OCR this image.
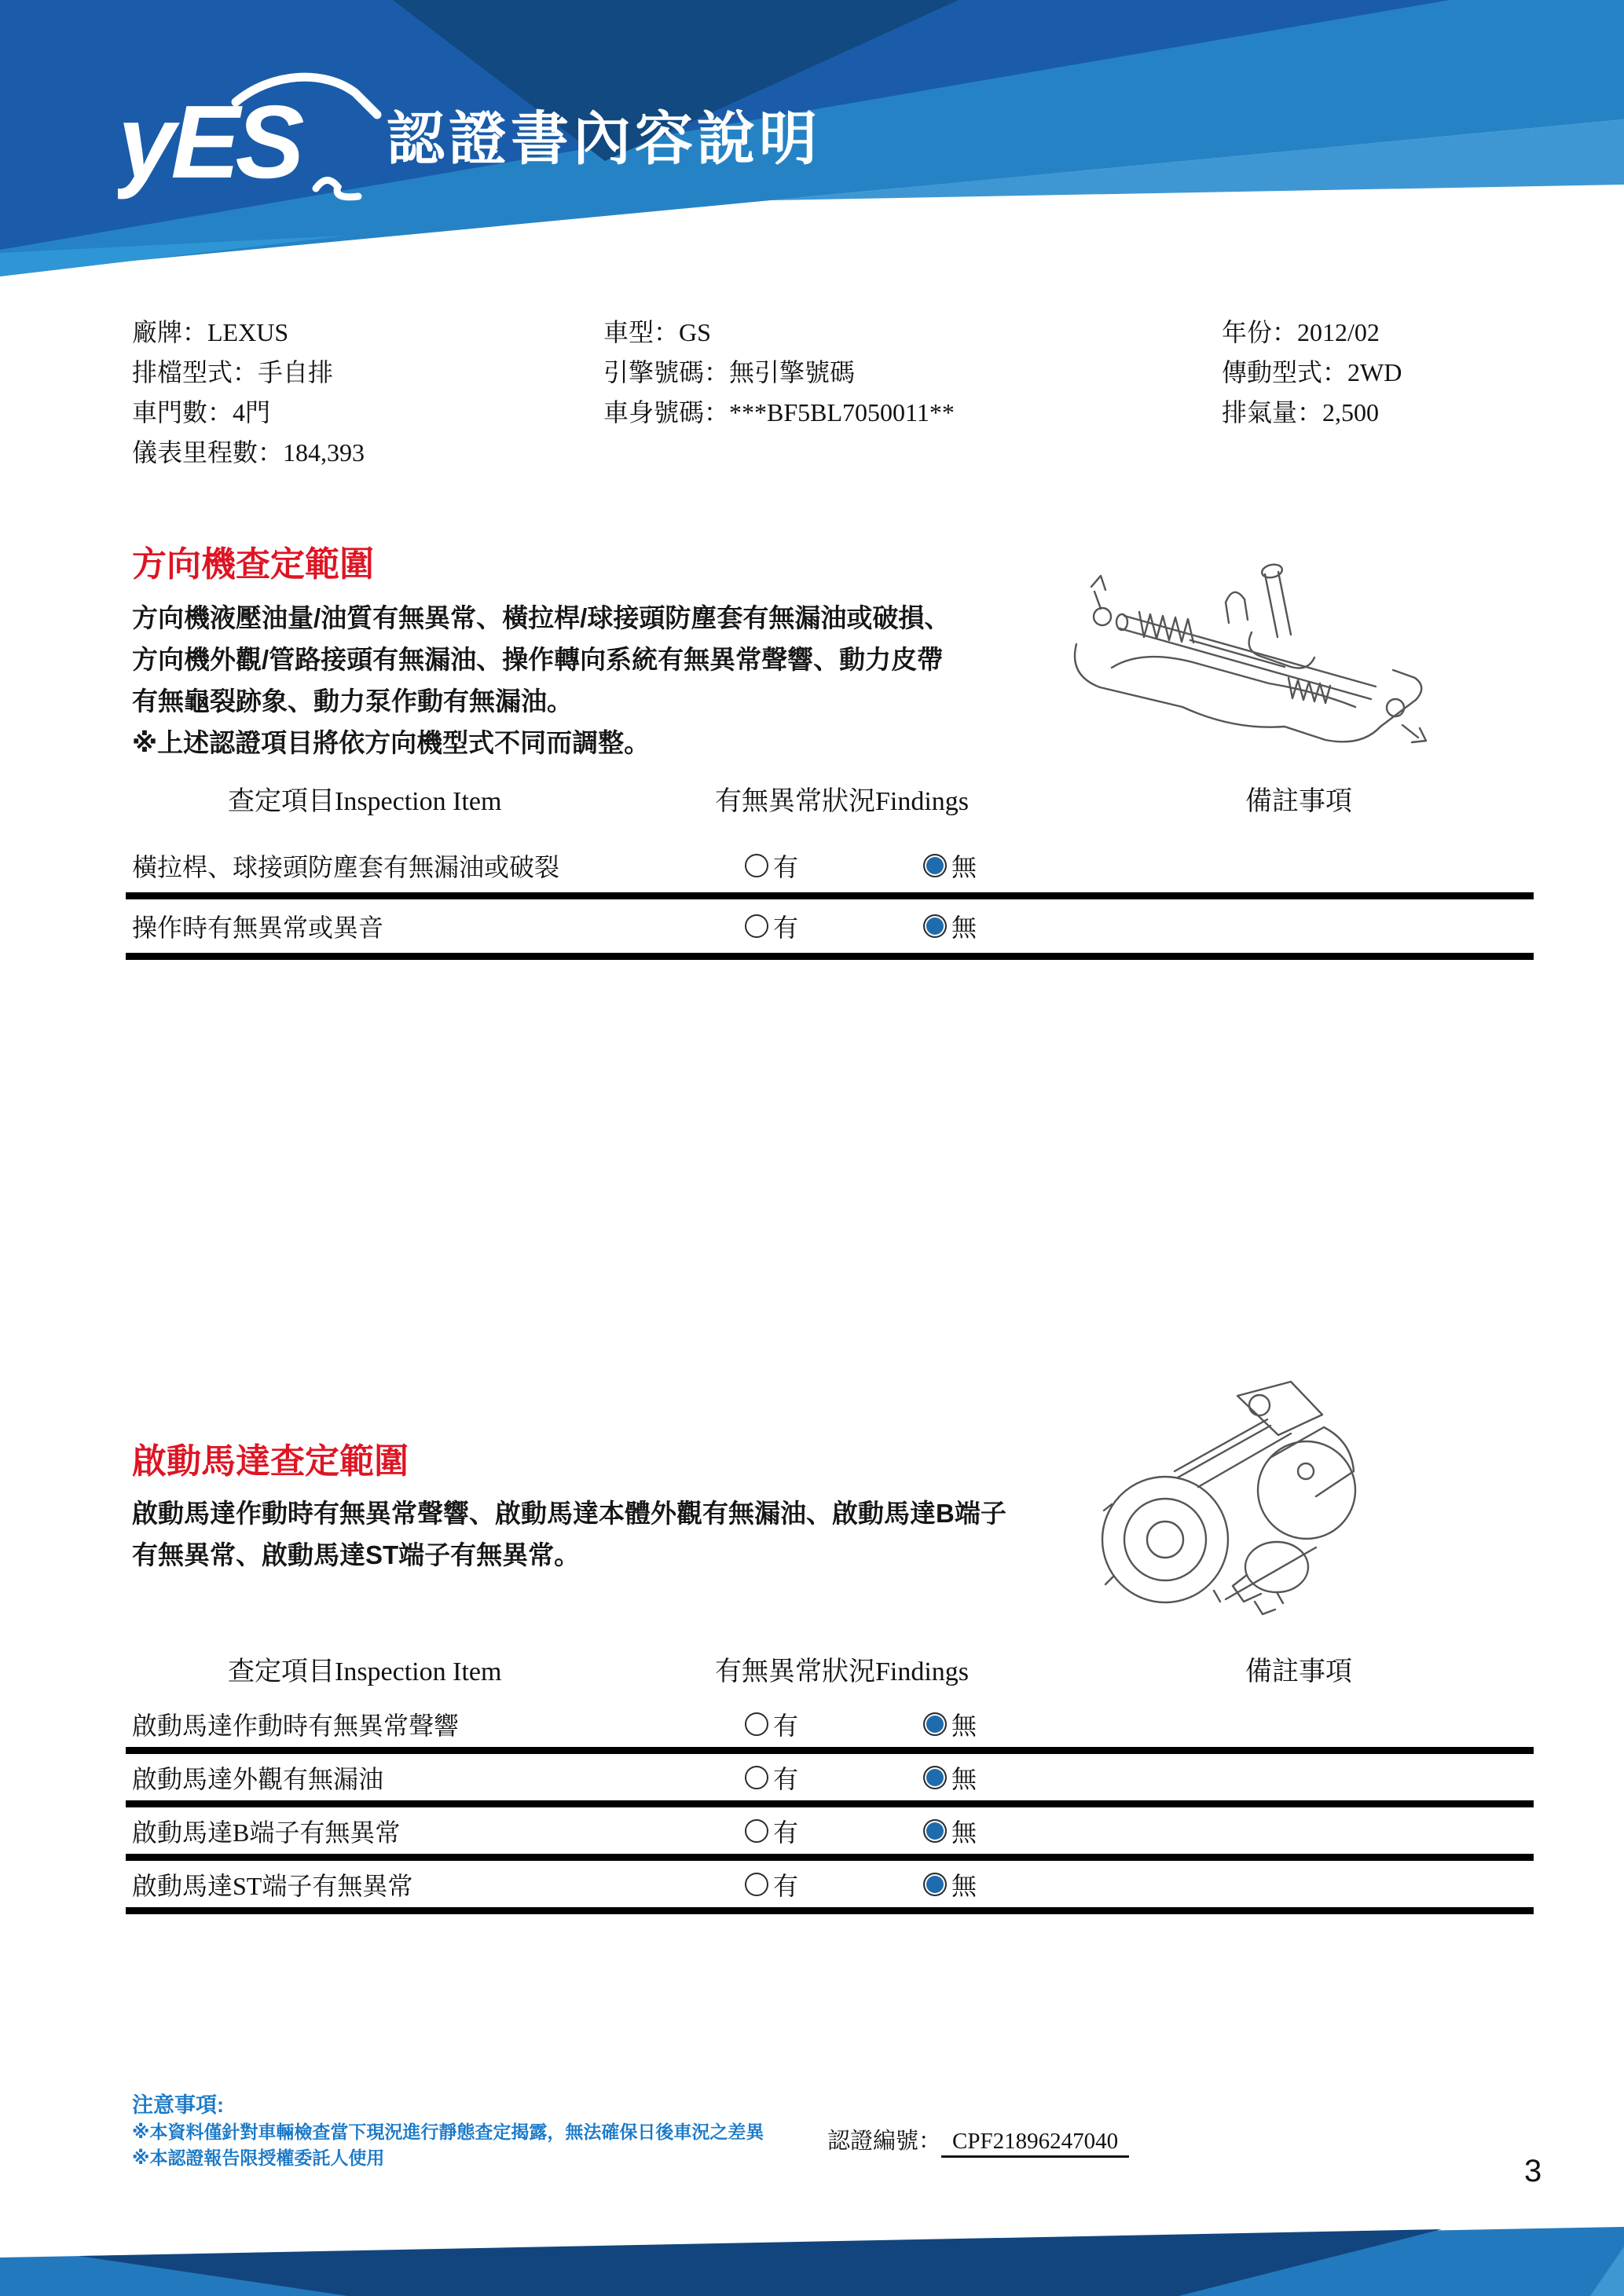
yES 認證書內容說明
廠牌：LEXUS
排檔型式：手自排
車門數：4門
儀表里程數：184,393
車型：GS
引擎號碼：無引擎號碼
車身號碼：***BF5BL7050011**
年份：2012/02
傳動型式：2WD
排氣量：2,500
方向機查定範圍
方向機液壓油量/油質有無異常、橫拉桿/球接頭防塵套有無漏油或破損、
方向機外觀/管路接頭有無漏油、操作轉向系統有無異常聲響、動力皮帶
有無龜裂跡象、動力泵作動有無漏油。
※上述認證項目將依方向機型式不同而調整。
查定項目Inspection Item	有無異常狀況Findings	備註事項
橫拉桿、球接頭防塵套有無漏油或破裂	有	無
操作時有無異常或異音	有	無
啟動馬達查定範圍
啟動馬達作動時有無異常聲響、啟動馬達本體外觀有無漏油、啟動馬達B端子
有無異常、啟動馬達ST端子有無異常。
查定項目Inspection Item	有無異常狀況Findings	備註事項
啟動馬達作動時有無異常聲響	有	無
啟動馬達外觀有無漏油	有	無
啟動馬達B端子有無異常	有	無
啟動馬達ST端子有無異常	有	無
注意事項:
※本資料僅針對車輛檢查當下現況進行靜態查定揭露，無法確保日後車況之差異
※本認證報告限授權委託人使用
認證編號： CPF21896247040
3
